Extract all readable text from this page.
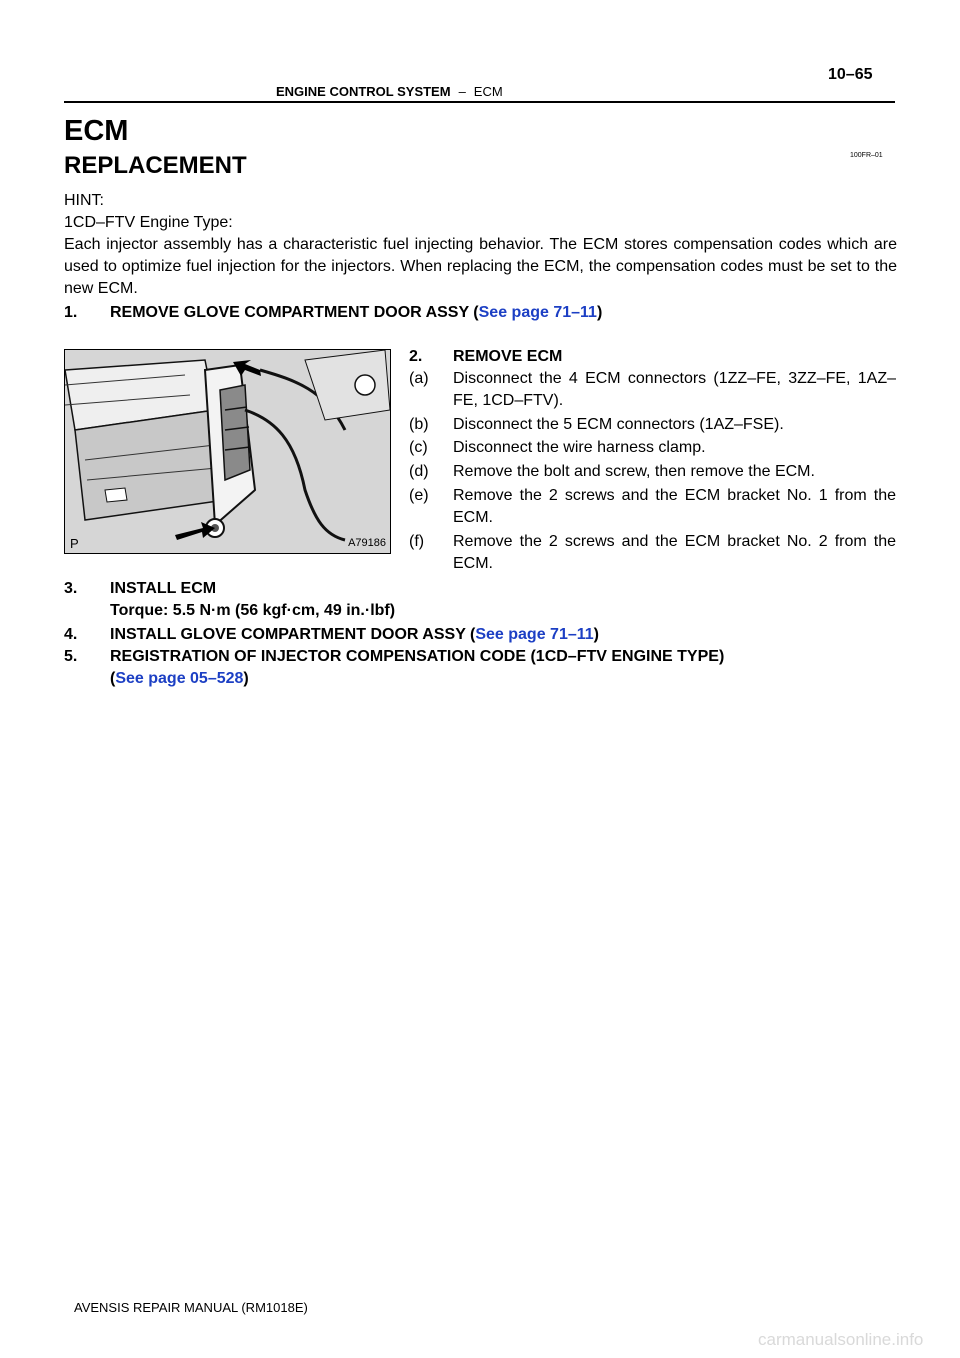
10–65
ENGINE CONTROL SYSTEM – ECM
100FR–01
ECM
REPLACEMENT
HINT:
1CD–FTV Engine Type:
Each injector assembly has a characteristic fuel injecting behavior. The ECM stores compensation codes which are used to optimize fuel injection for the injectors. When replacing the ECM, the compensation codes must be set to the new ECM.
1. REMOVE GLOVE COMPARTMENT DOOR ASSY (See page 71–11)
P	A79186
2. REMOVE ECM
(a) Disconnect the 4 ECM connectors (1ZZ–FE, 3ZZ–FE, 1AZ–FE, 1CD–FTV).
(b) Disconnect the 5 ECM connectors (1AZ–FSE).
(c) Disconnect the wire harness clamp.
(d) Remove the bolt and screw, then remove the ECM.
(e) Remove the 2 screws and the ECM bracket No. 1 from the ECM.
(f) Remove the 2 screws and the ECM bracket No. 2 from the ECM.
3. INSTALL ECM
Torque: 5.5 N·m (56 kgf·cm, 49 in.·lbf)
4. INSTALL GLOVE COMPARTMENT DOOR ASSY (See page 71–11)
5. REGISTRATION OF INJECTOR COMPENSATION CODE (1CD–FTV ENGINE TYPE)
(See page 05–528)
AVENSIS REPAIR MANUAL (RM1018E)
carmanualsonline.info
